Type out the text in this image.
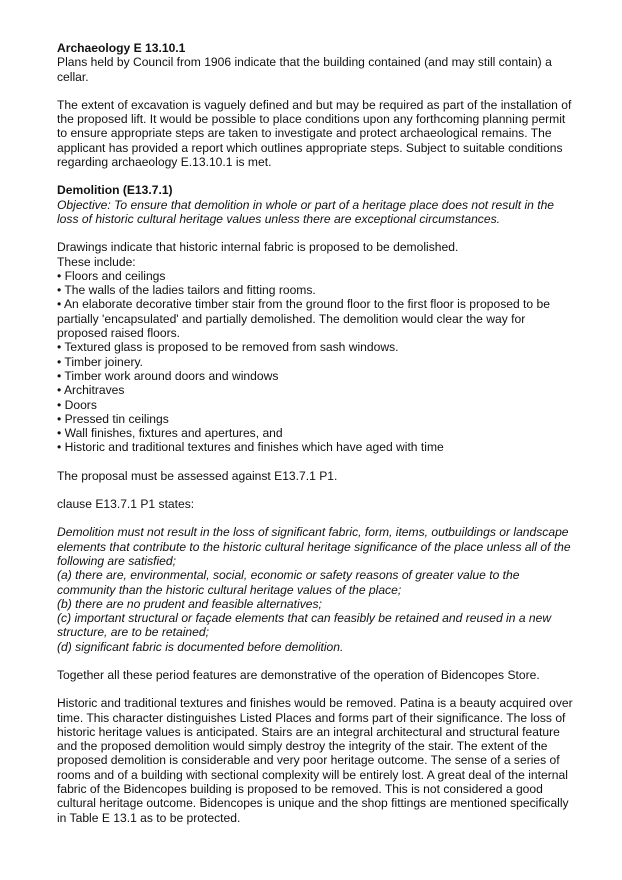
Archaeology E 13.10.1

Plans held by Council from 1906 indicate that the building contained (and may still contain) a cellar.

The extent of excavation is vaguely defined and but may be required as part of the installation of the proposed lift. It would be possible to place conditions upon any forthcoming planning permit to ensure appropriate steps are taken to investigate and protect archaeological remains. The applicant has provided a report which outlines appropriate steps. Subject to suitable conditions regarding archaeology E.13.10.1 is met.

Demolition (E13.7.1)

Objective: To ensure that demolition in whole or part of a heritage place does not result in the loss of historic cultural heritage values unless there are exceptional circumstances.

Drawings indicate that historic internal fabric is proposed to be demolished.

These include:

• Floors and ceilings
• The walls of the ladies tailors and fitting rooms.
• An elaborate decorative timber stair from the ground floor to the first floor is proposed to be partially 'encapsulated' and partially demolished. The demolition would clear the way for proposed raised floors.
• Textured glass is proposed to be removed from sash windows.
• Timber joinery.
• Timber work around doors and windows
• Architraves
• Doors
• Pressed tin ceilings
• Wall finishes, fixtures and apertures, and
• Historic and traditional textures and finishes which have aged with time

The proposal must be assessed against E13.7.1 P1.

clause E13.7.1 P1 states:

Demolition must not result in the loss of significant fabric, form, items, outbuildings or landscape elements that contribute to the historic cultural heritage significance of the place unless all of the following are satisfied;

(a) there are, environmental, social, economic or safety reasons of greater value to the community than the historic cultural heritage values of the place;

(b) there are no prudent and feasible alternatives;

(c) important structural or façade elements that can feasibly be retained and reused in a new structure, are to be retained;

(d) significant fabric is documented before demolition.

Together all these period features are demonstrative of the operation of Bidencopes Store.

Historic and traditional textures and finishes would be removed. Patina is a beauty acquired over time. This character distinguishes Listed Places and forms part of their significance. The loss of historic heritage values is anticipated. Stairs are an integral architectural and structural feature and the proposed demolition would simply destroy the integrity of the stair. The extent of the proposed demolition is considerable and very poor heritage outcome. The sense of a series of rooms and of a building with sectional complexity will be entirely lost. A great deal of the internal fabric of the Bidencopes building is proposed to be removed. This is not considered a good cultural heritage outcome. Bidencopes is unique and the shop fittings are mentioned specifically in Table E 13.1 as to be protected.
